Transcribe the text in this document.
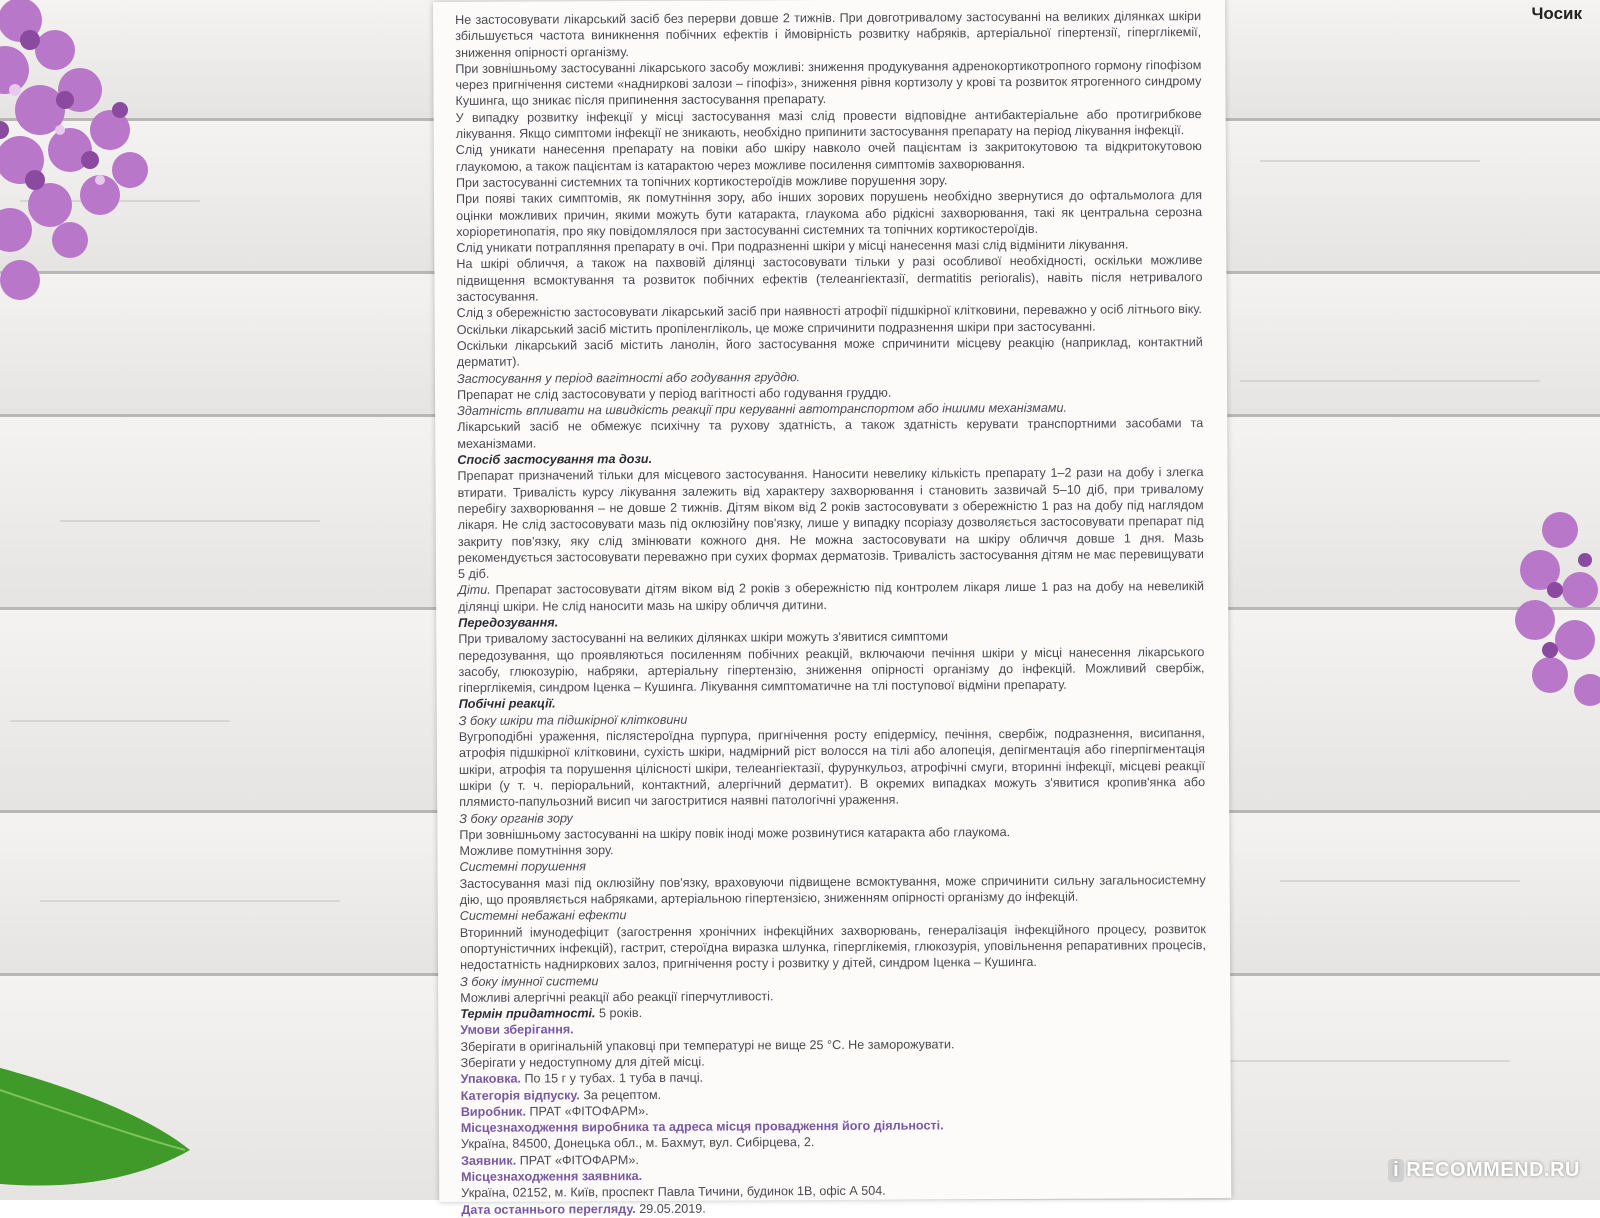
Чосик

Не застосовувати лікарський засіб без перерви довше 2 тижнів. При довготривалому застосуванні на великих ділянках шкіри збільшується частота виникнення побічних ефектів і ймовірність розвитку набряків, артеріальної гіпертензії, гіперглікемії, зниження опірності організму.

При зовнішньому застосуванні лікарського засобу можливі: зниження продукування адренокортикотропного гормону гіпофізом через пригнічення системи «надниркові залози – гіпофіз», зниження рівня кортизолу у крові та розвиток ятрогенного синдрому Кушинга, що зникає після припинення застосування препарату.

У випадку розвитку інфекції у місці застосування мазі слід провести відповідне антибактеріальне або протигрибкове лікування. Якщо симптоми інфекції не зникають, необхідно припинити застосування препарату на період лікування інфекції.

Слід уникати нанесення препарату на повіки або шкіру навколо очей пацієнтам із закритокутовою та відкритокутовою глаукомою, а також пацієнтам із катарактою через можливе посилення симптомів захворювання.

При застосуванні системних та топічних кортикостероїдів можливе порушення зору.

При появі таких симптомів, як помутніння зору, або інших зорових порушень необхідно звернутися до офтальмолога для оцінки можливих причин, якими можуть бути катаракта, глаукома або рідкісні захворювання, такі як центральна серозна хоріоретинопатія, про яку повідомлялося при застосуванні системних та топічних кортикостероїдів.

Слід уникати потрапляння препарату в очі. При подразненні шкіри у місці нанесення мазі слід відмінити лікування.

На шкірі обличчя, а також на пахвовій ділянці застосовувати тільки у разі особливої необхідності, оскільки можливе підвищення всмоктування та розвиток побічних ефектів (телеангіектазії, dermatitis perioralis), навіть після нетривалого застосування.

Слід з обережністю застосовувати лікарський засіб при наявності атрофії підшкірної клітковини, переважно у осіб літнього віку.

Оскільки лікарський засіб містить пропіленгліколь, це може спричинити подразнення шкіри при застосуванні.

Оскільки лікарський засіб містить ланолін, його застосування може спричинити місцеву реакцію (наприклад, контактний дерматит).

Застосування у період вагітності або годування груддю.

Препарат не слід застосовувати у період вагітності або годування груддю.

Здатність впливати на швидкість реакції при керуванні автотранспортом або іншими механізмами.

Лікарський засіб не обмежує психічну та рухову здатність, а також здатність керувати транспортними засобами та механізмами.

Спосіб застосування та дози.

Препарат призначений тільки для місцевого застосування. Наносити невелику кількість препарату 1–2 рази на добу і злегка втирати. Тривалість курсу лікування залежить від характеру захворювання і становить зазвичай 5–10 діб, при тривалому перебігу захворювання – не довше 2 тижнів. Дітям віком від 2 років застосовувати з обережністю 1 раз на добу під наглядом лікаря. Не слід застосовувати мазь під оклюзійну пов'язку, лише у випадку псоріазу дозволяється застосовувати препарат під закриту пов'язку, яку слід змінювати кожного дня. Не можна застосовувати на шкіру обличчя довше 1 дня. Мазь рекомендується застосовувати переважно при сухих формах дерматозів. Тривалість застосування дітям не має перевищувати 5 діб.

Діти. Препарат застосовувати дітям віком від 2 років з обережністю під контролем лікаря лише 1 раз на добу на невеликій ділянці шкіри. Не слід наносити мазь на шкіру обличчя дитини.

Передозування.

При тривалому застосуванні на великих ділянках шкіри можуть з'явитися симптоми

передозування, що проявляються посиленням побічних реакцій, включаючи печіння шкіри у місці нанесення лікарського засобу, глюкозурію, набряки, артеріальну гіпертензію, зниження опірності організму до інфекцій. Можливий свербіж, гіперглікемія, синдром Іценка – Кушинга. Лікування симптоматичне на тлі поступової відміни препарату.

Побічні реакції.

З боку шкіри та підшкірної клітковини

Вугроподібні ураження, післястероїдна пурпура, пригнічення росту епідермісу, печіння, свербіж, подразнення, висипання, атрофія підшкірної клітковини, сухість шкіри, надмірний ріст волосся на тілі або алопеція, депігментація або гіперпігментація шкіри, атрофія та порушення цілісності шкіри, телеангіектазії, фурункульоз, атрофічні смуги, вторинні інфекції, місцеві реакції шкіри (у т. ч. періоральний, контактний, алергічний дерматит). В окремих випадках можуть з'явитися кропив'янка або плямисто-папульозний висип чи загостритися наявні патологічні ураження.

З боку органів зору

При зовнішньому застосуванні на шкіру повік іноді може розвинутися катаракта або глаукома.

Можливе помутніння зору.

Системні порушення

Застосування мазі під оклюзійну пов'язку, враховуючи підвищене всмоктування, може спричинити сильну загальносистемну дію, що проявляється набряками, артеріальною гіпертензією, зниженням опірності організму до інфекцій.

Системні небажані ефекти

Вторинний імунодефіцит (загострення хронічних інфекційних захворювань, генералізація інфекційного процесу, розвиток опортуністичних інфекцій), гастрит, стероїдна виразка шлунка, гіперглікемія, глюкозурія, уповільнення репаративних процесів, недостатність надниркових залоз, пригнічення росту і розвитку у дітей, синдром Іценка – Кушинга.

З боку імунної системи

Можливі алергічні реакції або реакції гіперчутливості.

Термін придатності. 5 років.

Умови зберігання.

Зберігати в оригінальній упаковці при температурі не вище 25 °С. Не заморожувати.

Зберігати у недоступному для дітей місці.

Упаковка. По 15 г у тубах. 1 туба в пачці.

Категорія відпуску. За рецептом.

Виробник. ПРАТ «ФІТОФАРМ».

Місцезнаходження виробника та адреса місця провадження його діяльності.

Україна, 84500, Донецька обл., м. Бахмут, вул. Сибірцева, 2.

Заявник. ПРАТ «ФІТОФАРМ».

Місцезнаходження заявника.

Україна, 02152, м. Київ, проспект Павла Тичини, будинок 1В, офіс А 504.

Дата останнього перегляду. 29.05.2019.

i RECOMMEND.RU
